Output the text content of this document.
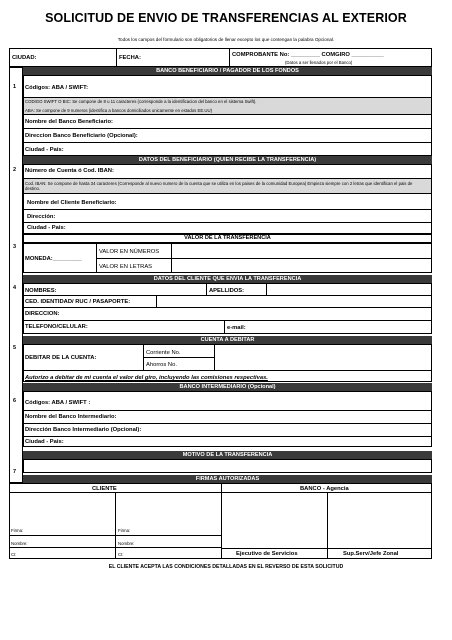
SOLICITUD DE ENVIO DE TRANSFERENCIAS AL EXTERIOR
Todos los campos del formulario son obligatorios de llenar excepto los que contengan la palabra Opcional.
CIUDAD:	FECHA:	COMPROBANTE No: _________ COMGIRO __________
(Datos a ser llenados por el Banco)
1
BANCO BENEFICIARIO / PAGADOR DE LOS FONDOS
Códigos: ABA / SWIFT:
CODIGO SWIFT O BIC: Se compone de 8 u 11 caracteres (corresponde a la identificacion del banco en el sistema Swift).
ABA: Se compone de 9 numeros (identifica a bancos domiciliados unicamente en estados EE.UU)
Nombre del Banco Beneficiario:
Direccion Banco Beneficiario (Opcional):
Ciudad - Pais:
2
DATOS DEL BENEFICIARIO (QUIEN RECIBE LA TRANSFERENCIA)
Número de Cuenta ó Cod. IBAN:
Cod. IBAN: Se compone de hasta 34 caracteres (Corresponde al nuevo numero de la cuenta que se utiliza en los paises de la comunidad Europea) Empieza siempre con 2 letras que identifican el pais de destino.
Nombre del Cliente Beneficiario:
Dirección:
Ciudad - Pais:
VALOR DE LA TRANSFERENCIA
3
MONEDA:_________
VALOR EN NÚMEROS
VALOR EN LETRAS
DATOS DEL CLIENTE QUE ENVIA LA TRANSFERENCIA
4 NOMBRES:	APELLIDOS:
CED. IDENTIDAD/ RUC / PASAPORTE:
DIRECCION:
TELEFONO/CELULAR:	e-mail:
CUENTA A DEBITAR
5
DEBITAR DE LA CUENTA:
Corriente No.
Ahorros No.
Autorizo a debitar de mi cuenta el valor del giro, incluyendo las comisiones respectivas.
BANCO INTERMEDIARIO (Opcional)
6 Códigos: ABA / SWIFT :
Nombre del Banco Intermediario:
Dirección Banco Intermediario (Opcional):
Ciudad - Pais:
MOTIVO DE LA TRANSFERENCIA
7
FIRMAS AUTORIZADAS
CLIENTE	BANCO - Agencia
Firma:	Firma:
Nombre:	Nombre:
CI:	CI:	Ejecutivo de Servicios	Sup.Serv/Jefe Zonal
EL CLIENTE ACEPTA LAS CONDICIONES DETALLADAS EN EL REVERSO DE ESTA SOLICITUD
